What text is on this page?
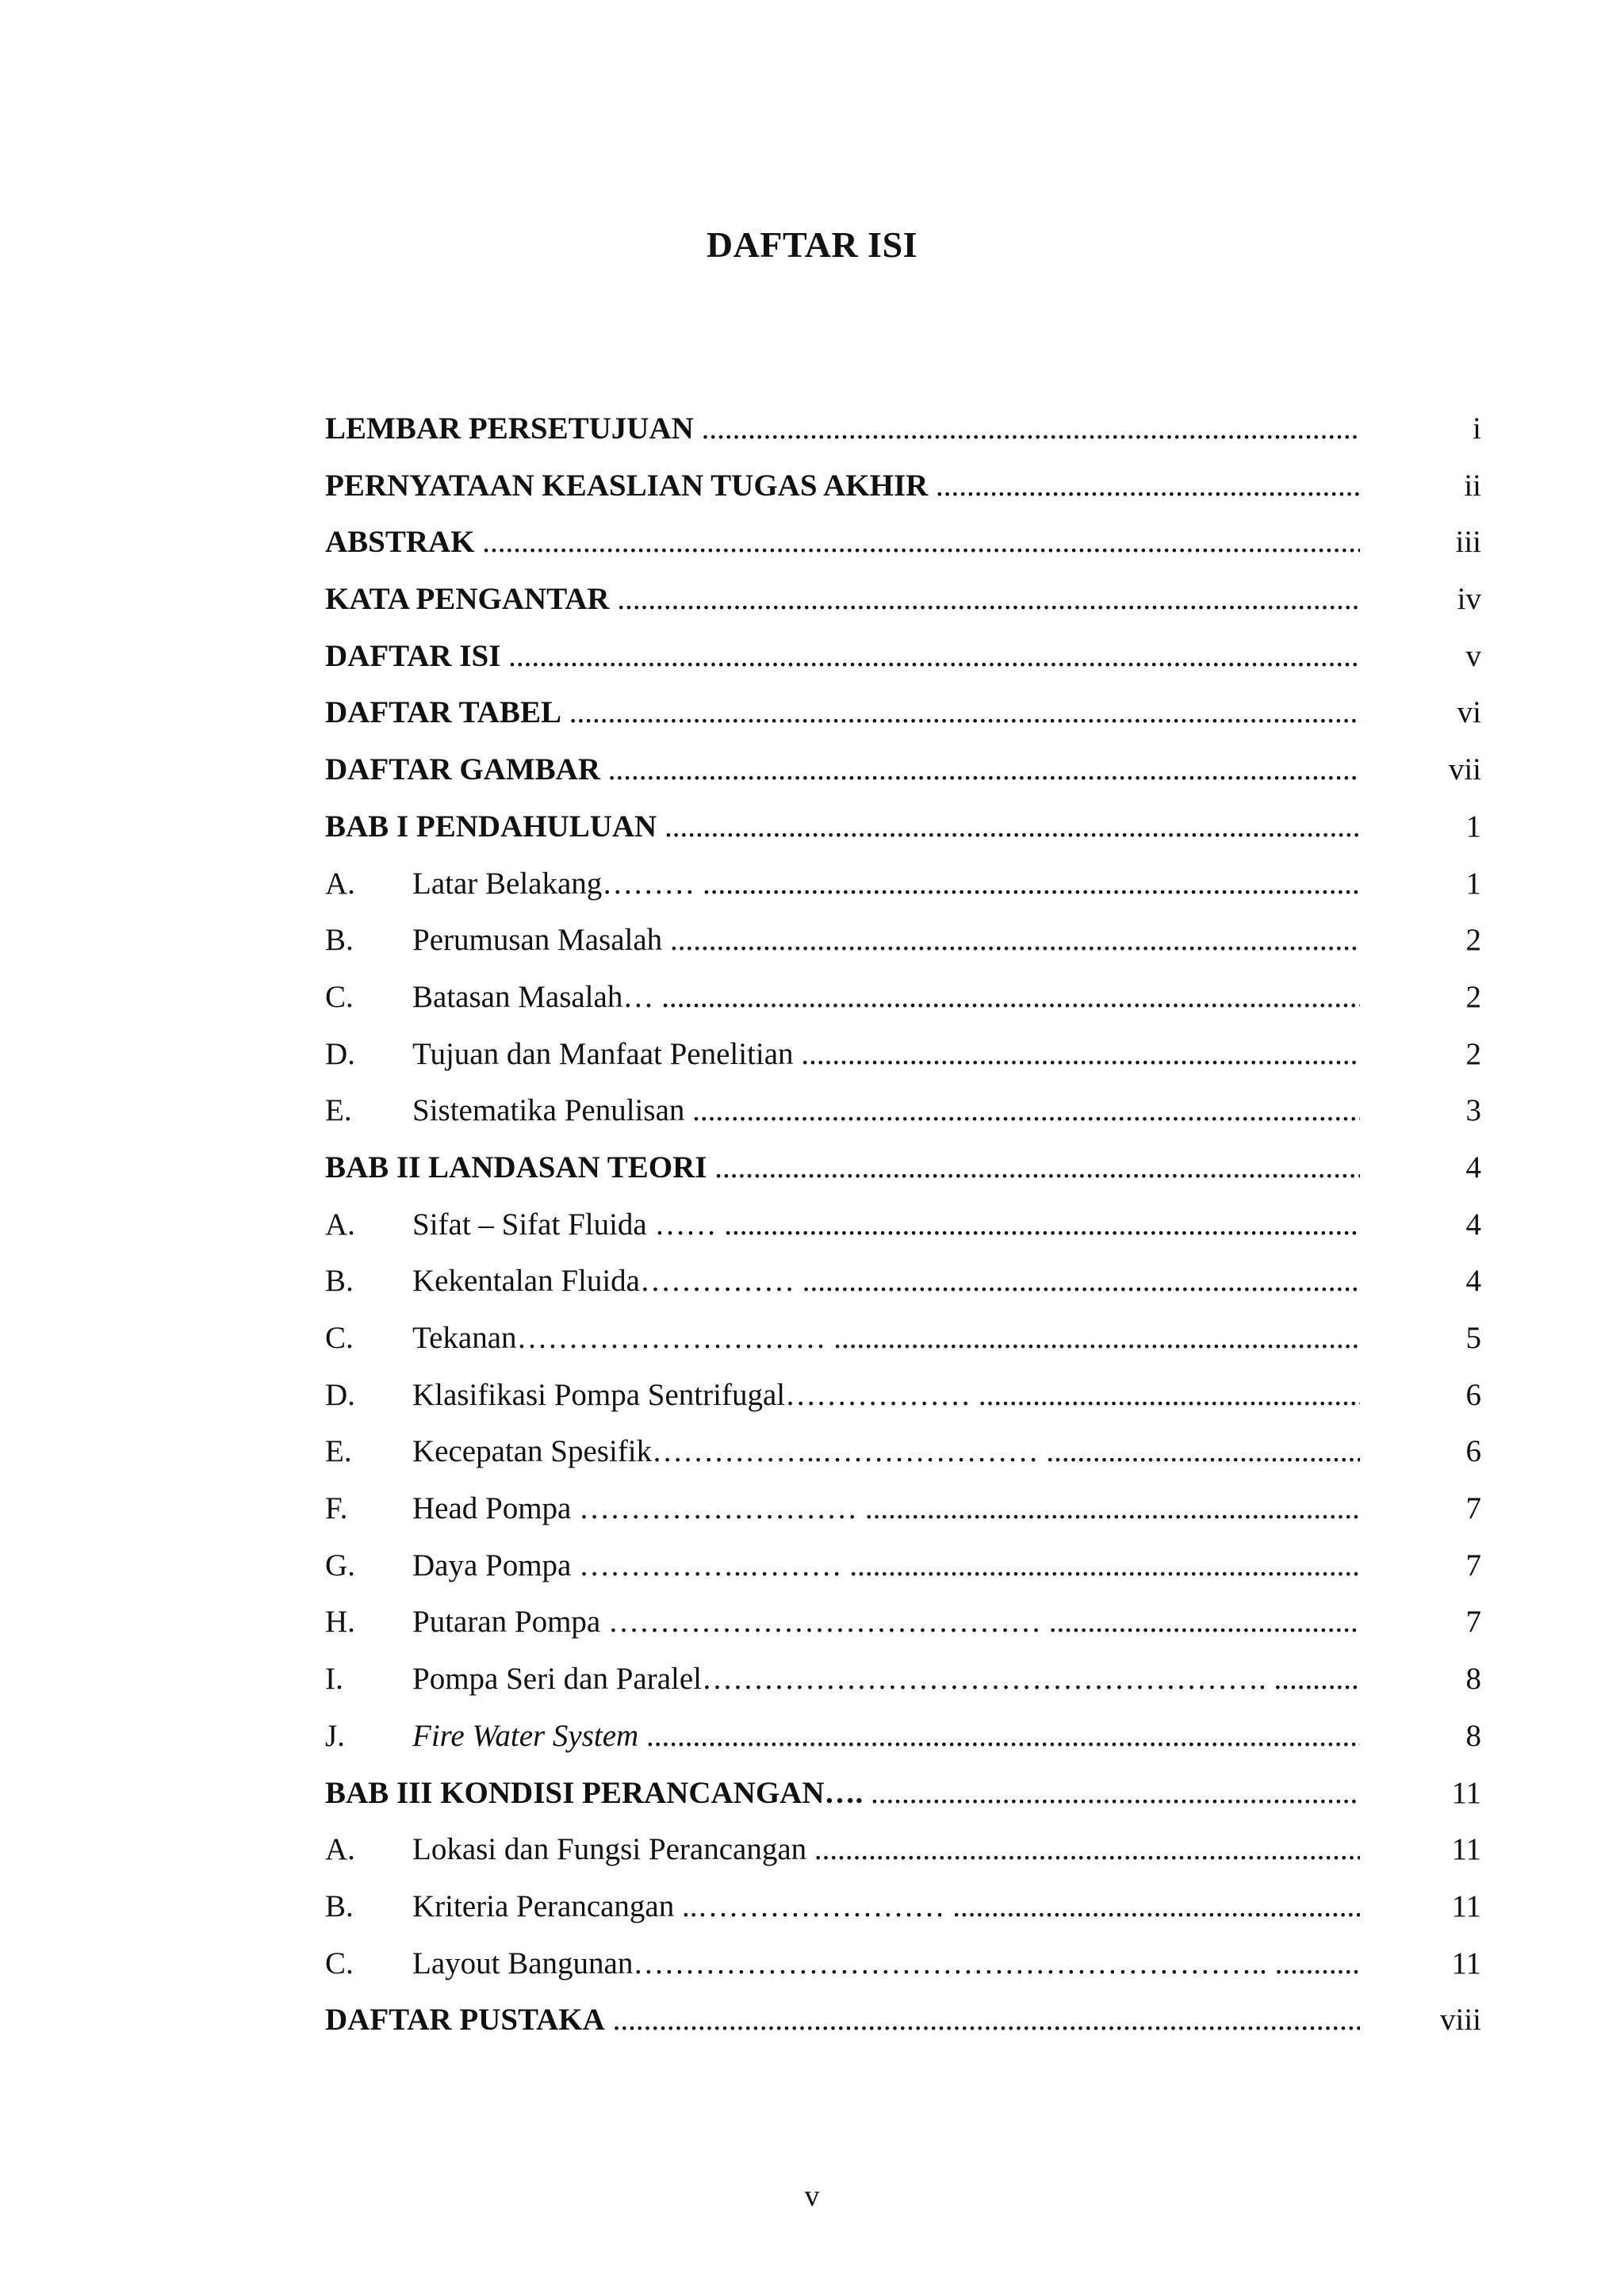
DAFTAR ISI
LEMBAR PERSETUJUAN .....	i
PERNYATAAN KEASLIAN TUGAS AKHIR .....	ii
ABSTRAK .....	iii
KATA PENGANTAR .....	iv
DAFTAR ISI .....	v
DAFTAR TABEL .....	vi
DAFTAR GAMBAR .....	vii
BAB I PENDAHULUAN .....	1
A. Latar Belakang……… .....	1
B. Perumusan Masalah .....	2
C. Batasan Masalah… .....	2
D. Tujuan dan Manfaat Penelitian .....	2
E. Sistematika Penulisan .....	3
BAB II LANDASAN TEORI .....	4
A. Sifat – Sifat Fluida …… .....	4
B. Kekentalan Fluida…………… .....	4
C. Tekanan………………………… .....	5
D. Klasifikasi Pompa Sentrifugal……………… .....	6
E. Kecepatan Spesifik……………..………………… .....	6
F. Head Pompa ……………………… .....	7
G. Daya Pompa ……………..……… .....	7
H. Putaran Pompa …………………………………… .....	7
I. Pompa Seri dan Paralel………………………………………………. .....	8
J. Fire Water System .....	8
BAB III KONDISI PERANCANGAN…. .....	11
A. Lokasi dan Fungsi Perancangan .....	11
B. Kriteria Perancangan ..…………………… .....	11
C. Layout Bangunan…………………………………………………….. .....	11
DAFTAR PUSTAKA .....	viii
v
